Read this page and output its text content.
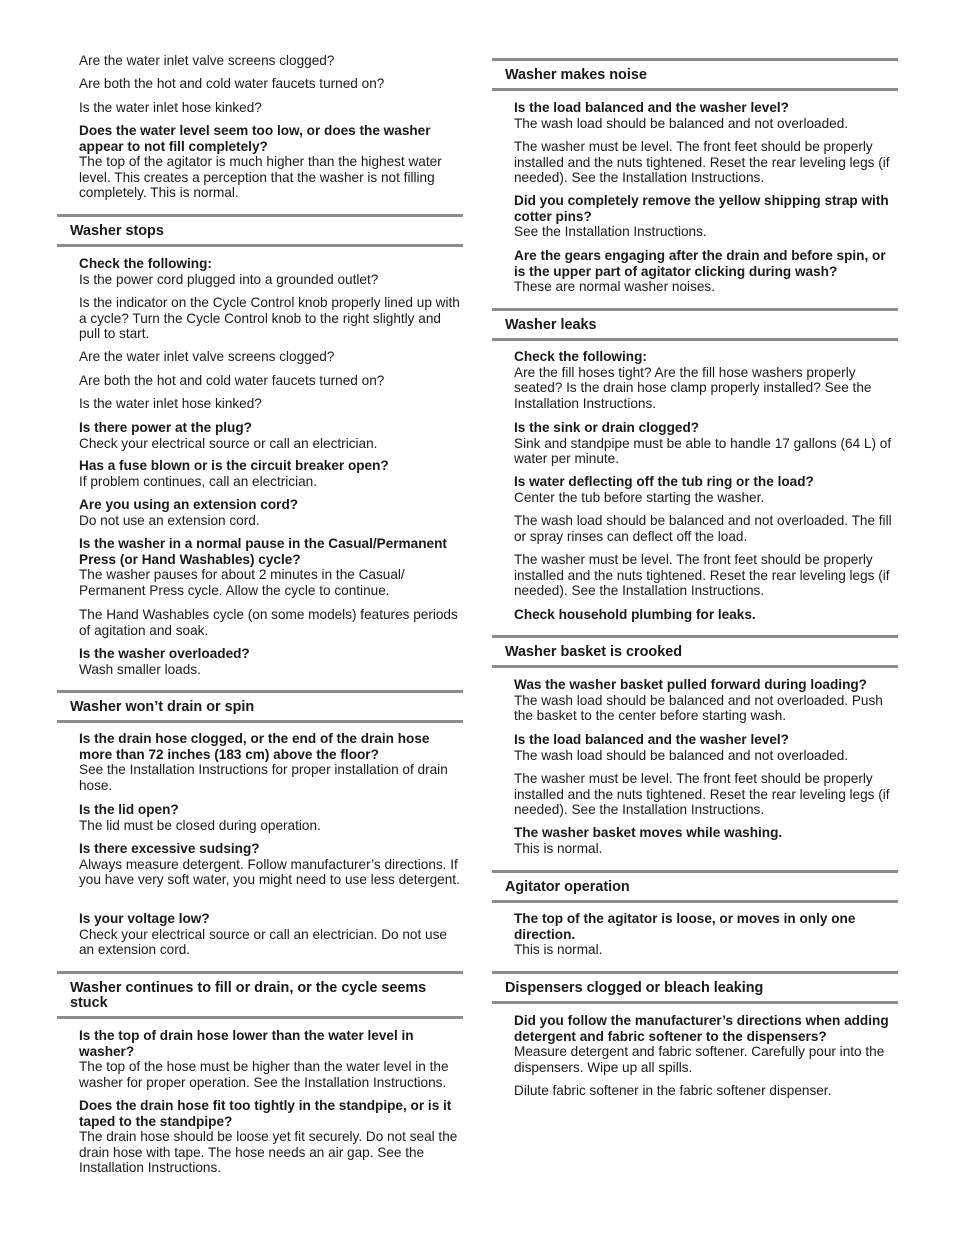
Are the water inlet valve screens clogged?

Are both the hot and cold water faucets turned on?

Is the water inlet hose kinked?

Does the water level seem too low, or does the washer appear to not fill completely?
The top of the agitator is much higher than the highest water level. This creates a perception that the washer is not filling completely. This is normal.

Washer stops

Check the following:
Is the power cord plugged into a grounded outlet?

Is the indicator on the Cycle Control knob properly lined up with a cycle? Turn the Cycle Control knob to the right slightly and pull to start.

Are the water inlet valve screens clogged?

Are both the hot and cold water faucets turned on?

Is the water inlet hose kinked?

Is there power at the plug?
Check your electrical source or call an electrician.

Has a fuse blown or is the circuit breaker open?
If problem continues, call an electrician.

Are you using an extension cord?
Do not use an extension cord.

Is the washer in a normal pause in the Casual/Permanent Press (or Hand Washables) cycle?
The washer pauses for about 2 minutes in the Casual/ Permanent Press cycle. Allow the cycle to continue.

The Hand Washables cycle (on some models) features periods of agitation and soak.

Is the washer overloaded?
Wash smaller loads.

Washer won’t drain or spin

Is the drain hose clogged, or the end of the drain hose more than 72 inches (183 cm) above the floor?
See the Installation Instructions for proper installation of drain hose.

Is the lid open?
The lid must be closed during operation.

Is there excessive sudsing?
Always measure detergent. Follow manufacturer’s directions. If you have very soft water, you might need to use less detergent.

Is your voltage low?
Check your electrical source or call an electrician. Do not use an extension cord.

Washer continues to fill or drain, or the cycle seems stuck

Is the top of drain hose lower than the water level in washer?
The top of the hose must be higher than the water level in the washer for proper operation. See the Installation Instructions.

Does the drain hose fit too tightly in the standpipe, or is it taped to the standpipe?
The drain hose should be loose yet fit securely. Do not seal the drain hose with tape. The hose needs an air gap. See the Installation Instructions.

Washer makes noise

Is the load balanced and the washer level?
The wash load should be balanced and not overloaded.

The washer must be level. The front feet should be properly installed and the nuts tightened. Reset the rear leveling legs (if needed). See the Installation Instructions.

Did you completely remove the yellow shipping strap with cotter pins?
See the Installation Instructions.

Are the gears engaging after the drain and before spin, or is the upper part of agitator clicking during wash?
These are normal washer noises.

Washer leaks

Check the following:
Are the fill hoses tight? Are the fill hose washers properly seated? Is the drain hose clamp properly installed? See the Installation Instructions.

Is the sink or drain clogged?
Sink and standpipe must be able to handle 17 gallons (64 L) of water per minute.

Is water deflecting off the tub ring or the load?
Center the tub before starting the washer.

The wash load should be balanced and not overloaded. The fill or spray rinses can deflect off the load.

The washer must be level. The front feet should be properly installed and the nuts tightened. Reset the rear leveling legs (if needed). See the Installation Instructions.

Check household plumbing for leaks.

Washer basket is crooked

Was the washer basket pulled forward during loading?
The wash load should be balanced and not overloaded. Push the basket to the center before starting wash.

Is the load balanced and the washer level?
The wash load should be balanced and not overloaded.

The washer must be level. The front feet should be properly installed and the nuts tightened. Reset the rear leveling legs (if needed). See the Installation Instructions.

The washer basket moves while washing.
This is normal.

Agitator operation

The top of the agitator is loose, or moves in only one direction.
This is normal.

Dispensers clogged or bleach leaking

Did you follow the manufacturer’s directions when adding detergent and fabric softener to the dispensers?
Measure detergent and fabric softener. Carefully pour into the dispensers. Wipe up all spills.

Dilute fabric softener in the fabric softener dispenser.
